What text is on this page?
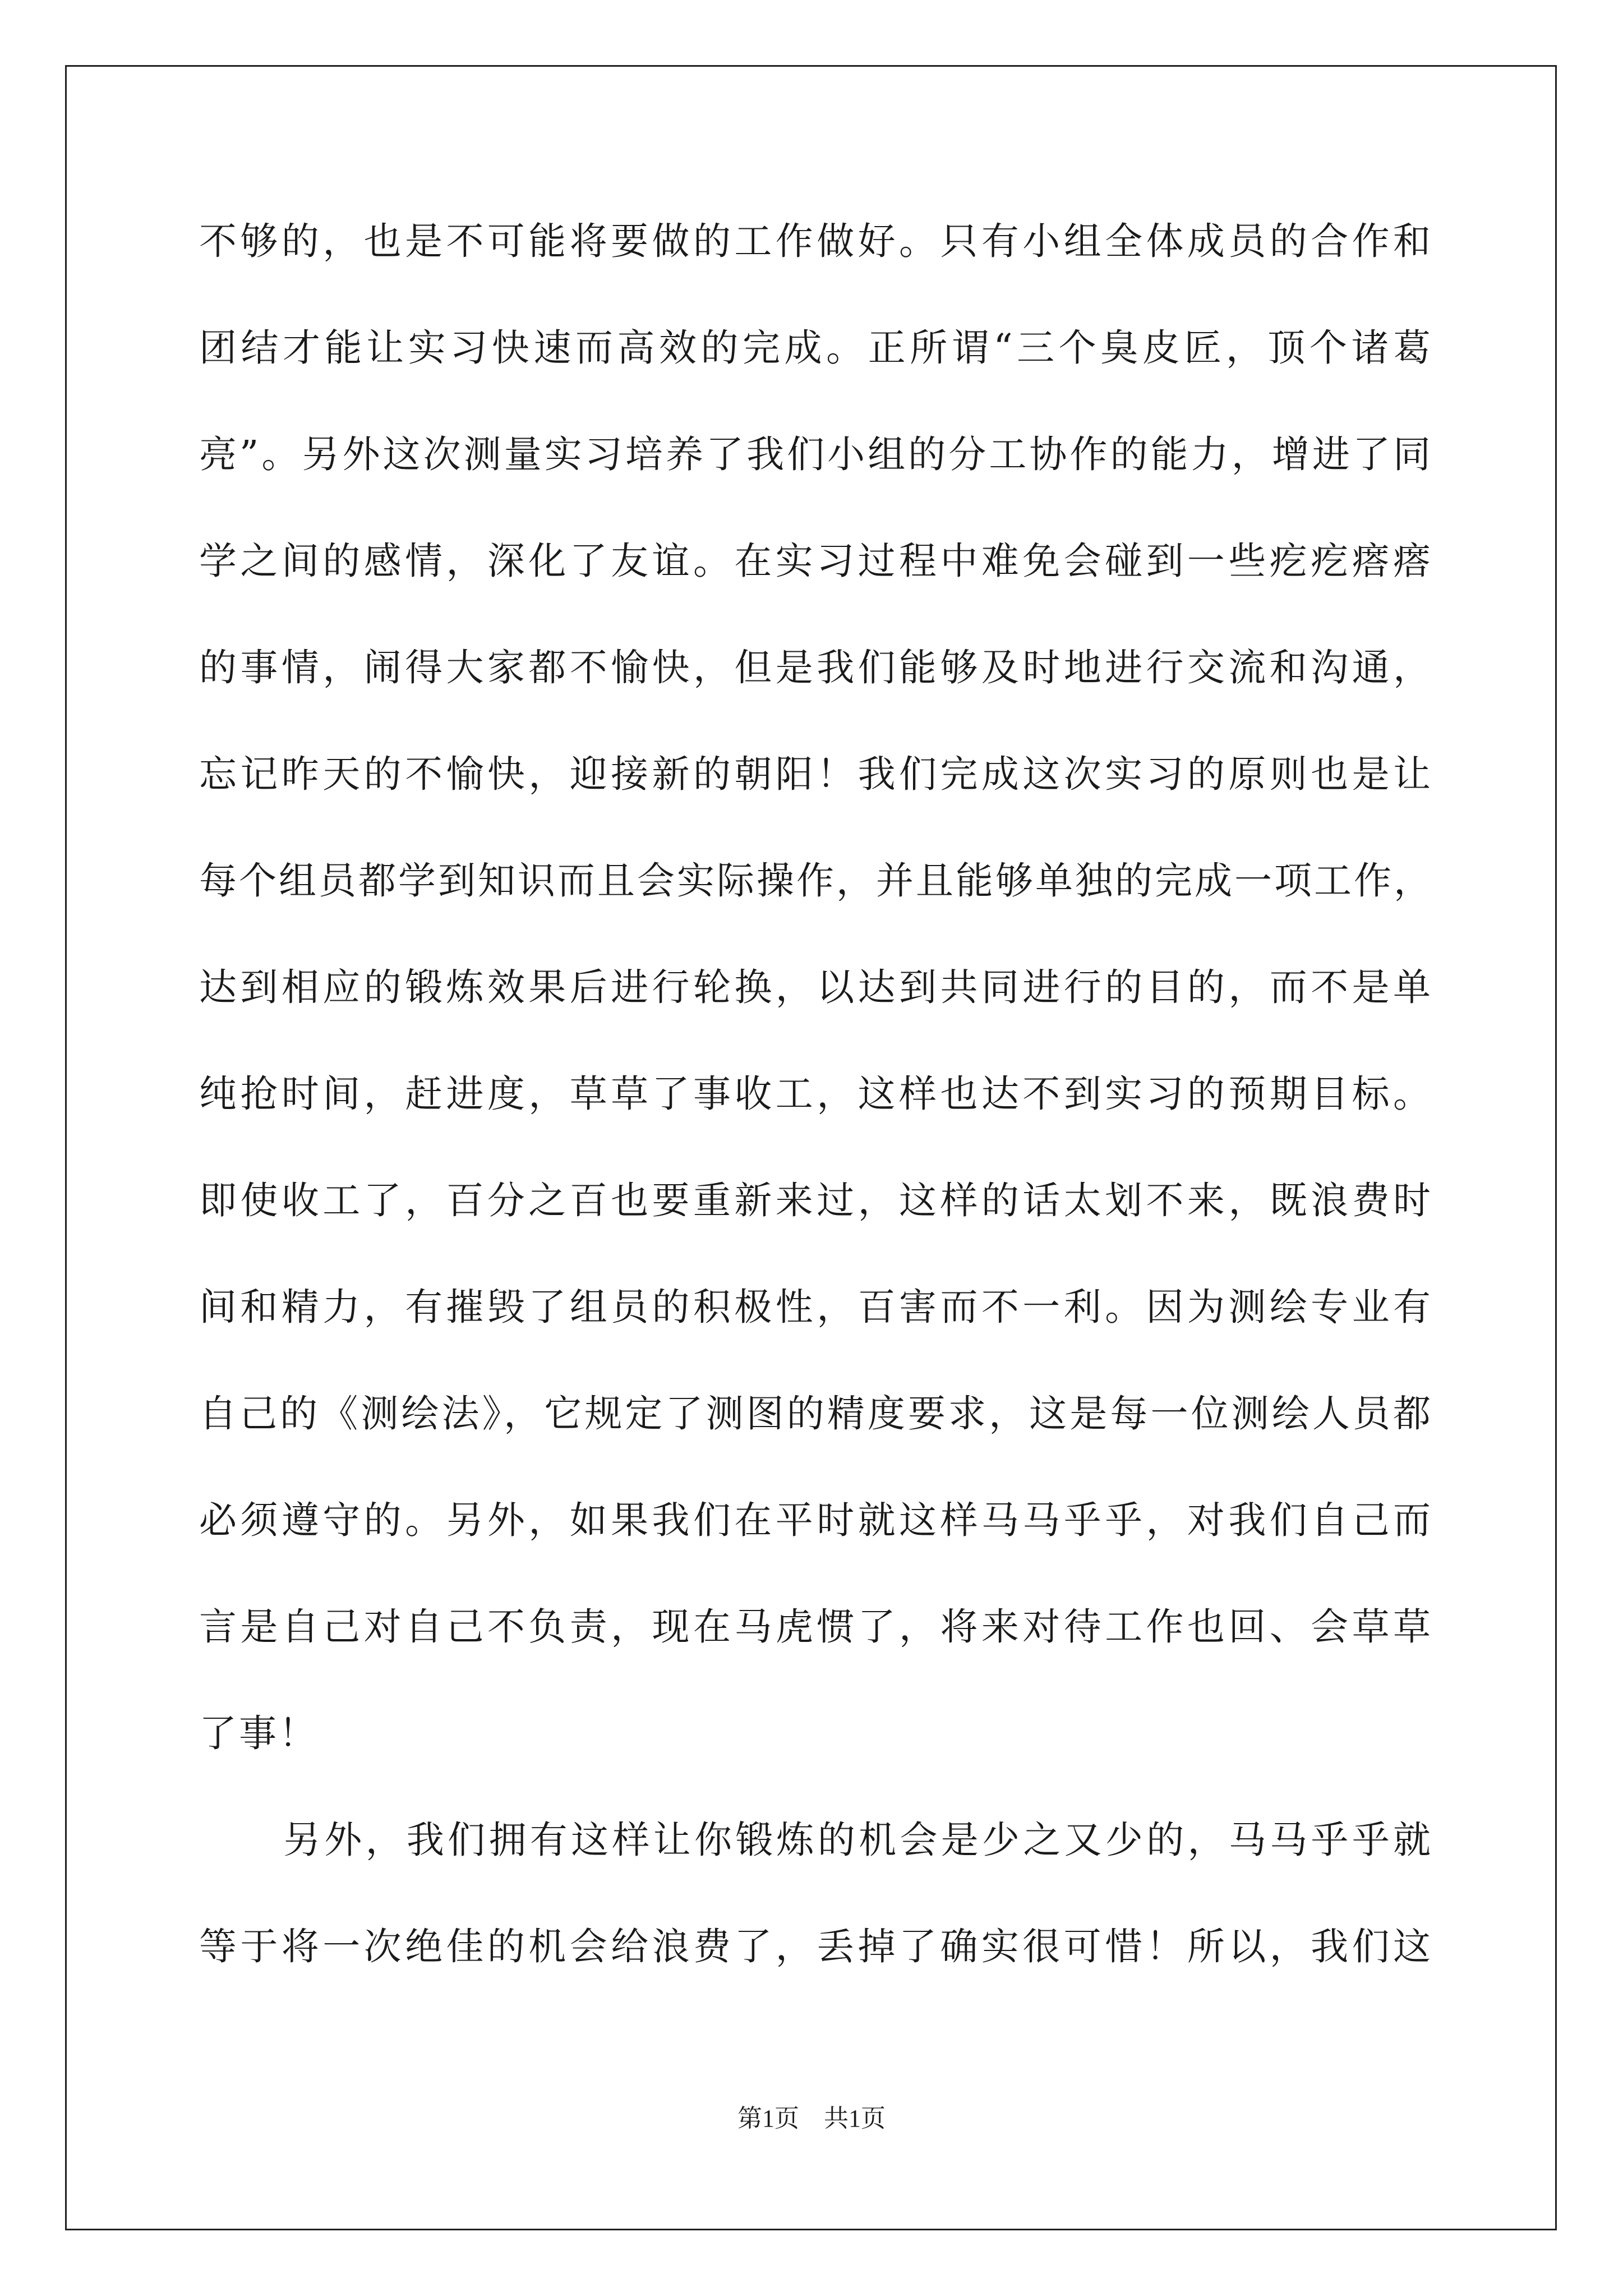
不够的，也是不可能将要做的工作做好。只有小组全体成员的合作和
团结才能让实习快速而高效的完成。正所谓“三个臭皮匠，顶个诸葛
亮”。另外这次测量实习培养了我们小组的分工协作的能力，增进了同
学之间的感情，深化了友谊。在实习过程中难免会碰到一些疙疙瘩瘩
的事情，闹得大家都不愉快，但是我们能够及时地进行交流和沟通，
忘记昨天的不愉快，迎接新的朝阳！我们完成这次实习的原则也是让
每个组员都学到知识而且会实际操作，并且能够单独的完成一项工作，
达到相应的锻炼效果后进行轮换，以达到共同进行的目的，而不是单
纯抢时间，赶进度，草草了事收工，这样也达不到实习的预期目标。
即使收工了，百分之百也要重新来过，这样的话太划不来，既浪费时
间和精力，有摧毁了组员的积极性，百害而不一利。因为测绘专业有
自己的《测绘法》，它规定了测图的精度要求，这是每一位测绘人员都
必须遵守的。另外，如果我们在平时就这样马马乎乎，对我们自己而
言是自己对自己不负责，现在马虎惯了，将来对待工作也回、会草草
了事！
另外，我们拥有这样让你锻炼的机会是少之又少的，马马乎乎就
等于将一次绝佳的机会给浪费了，丢掉了确实很可惜！所以，我们这
第1页　共1页
